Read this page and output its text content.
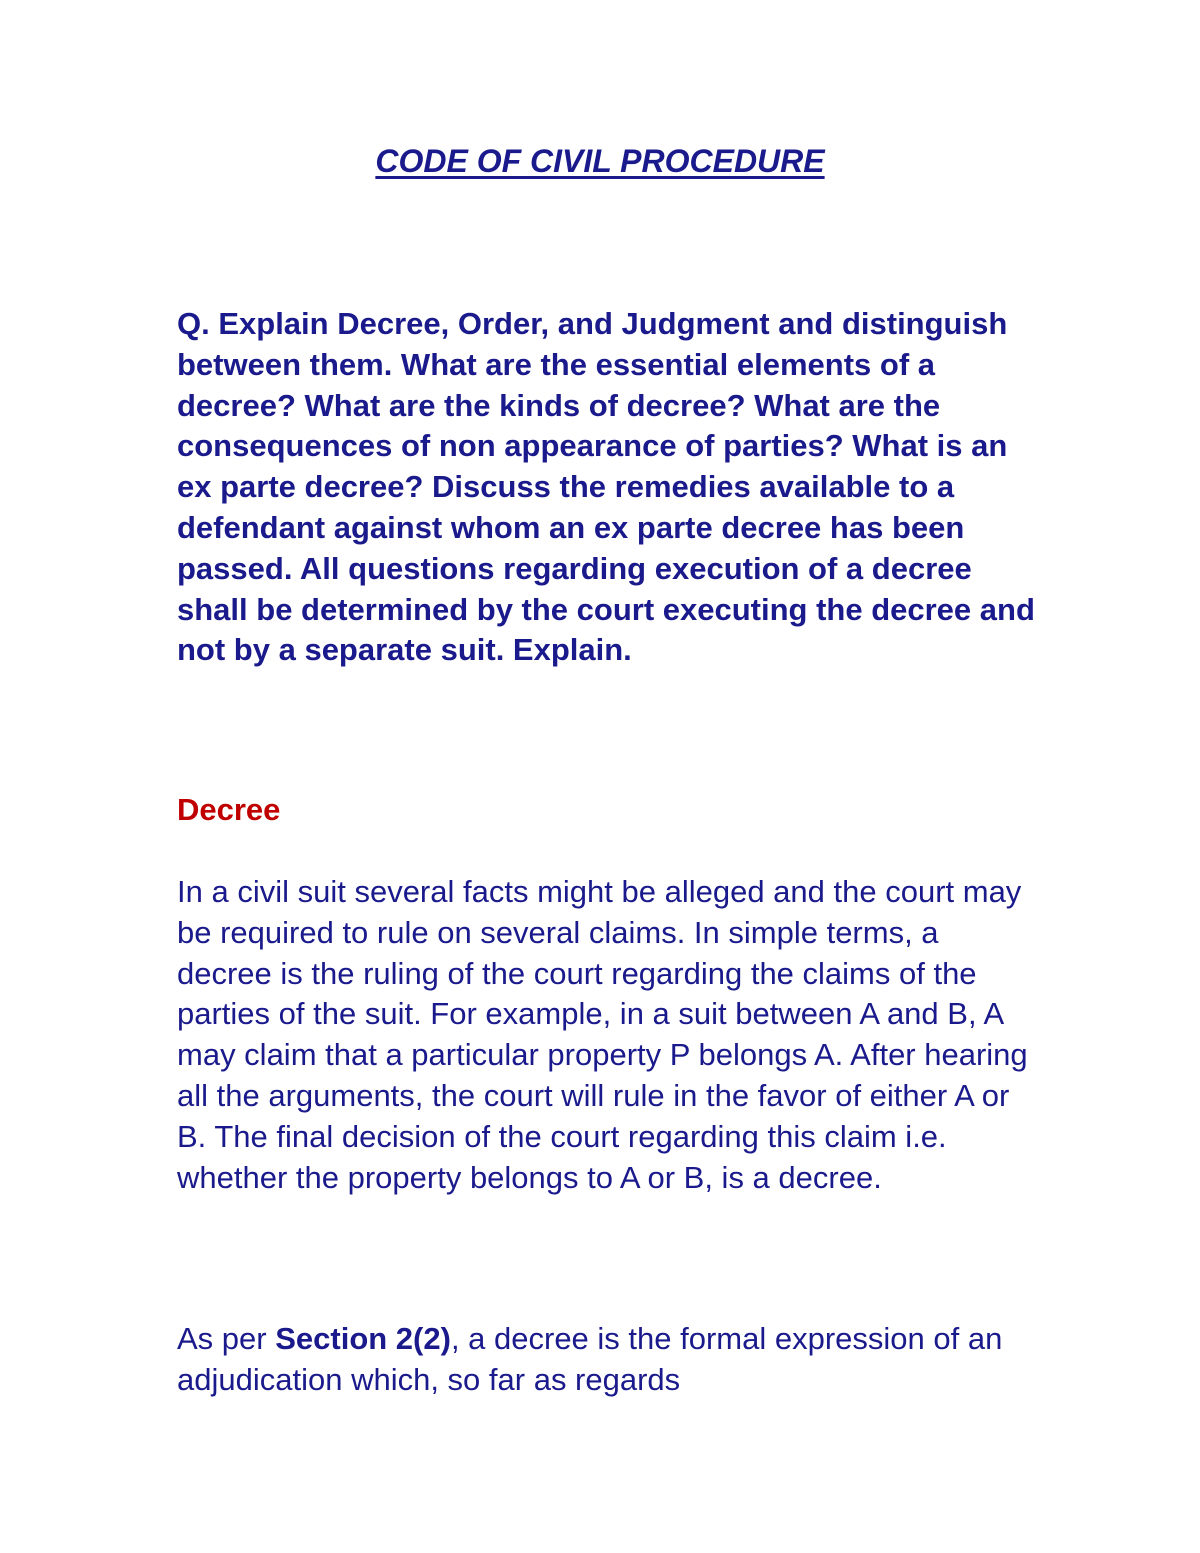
CODE OF CIVIL PROCEDURE

Q. Explain Decree, Order, and Judgment and distinguish between them. What are the essential elements of a decree? What are the kinds of decree? What are the consequences of non appearance of parties? What is an ex parte decree? Discuss the remedies available to a defendant against whom an ex parte decree has been passed. All questions regarding execution of a decree shall be determined by the court executing the decree and not by a separate suit. Explain.

Decree

In a civil suit several facts might be alleged and the court may be required to rule on several claims. In simple terms, a decree is the ruling of the court regarding the claims of the parties of the suit. For example, in a suit between A and B, A may claim that a particular property P belongs A. After hearing all the arguments, the court will rule in the favor of either A or B. The final decision of the court regarding this claim i.e. whether the property belongs to A or B, is a decree.

As per Section 2(2), a decree is the formal expression of an adjudication which, so far as regards
